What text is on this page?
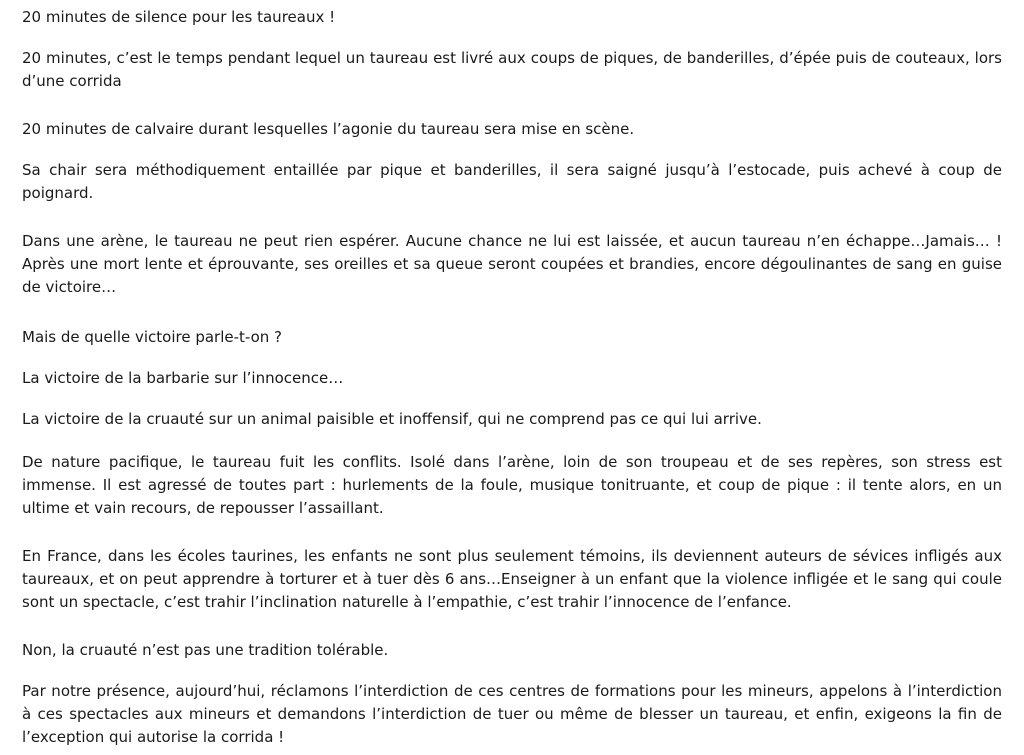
20 minutes de silence pour les taureaux !

20 minutes, c’est le temps pendant lequel un taureau est livré aux coups de piques, de banderilles, d’épée puis de couteaux, lors d’une corrida

20 minutes de calvaire durant lesquelles l’agonie du taureau sera mise en scène.

Sa chair sera méthodiquement entaillée par pique et banderilles, il sera saigné jusqu’à l’estocade, puis achevé à coup de poignard.

Dans une arène, le taureau ne peut rien espérer. Aucune chance ne lui est laissée, et aucun taureau n’en échappe…Jamais… ! Après une mort lente et éprouvante, ses oreilles et sa queue seront coupées et brandies, encore dégoulinantes de sang en guise de victoire…

Mais de quelle victoire parle-t-on ?

La victoire de la barbarie sur l’innocence…

La victoire de la cruauté sur un animal paisible et inoffensif, qui ne comprend pas ce qui lui arrive.

De nature pacifique, le taureau fuit les conflits. Isolé dans l’arène, loin de son troupeau et de ses repères, son stress est immense. Il est agressé de toutes part : hurlements de la foule, musique tonitruante, et coup de pique : il tente alors, en un ultime et vain recours, de repousser l’assaillant.

En France, dans les écoles taurines, les enfants ne sont plus seulement témoins, ils deviennent auteurs de sévices infligés aux taureaux, et on peut apprendre à torturer et à tuer dès 6 ans…Enseigner à un enfant que la violence infligée et le sang qui coule sont un spectacle, c’est trahir l’inclination naturelle à l’empathie, c’est trahir l’innocence de l’enfance.

Non, la cruauté n’est pas une tradition tolérable.

Par notre présence, aujourd’hui, réclamons l’interdiction de ces centres de formations pour les mineurs, appelons à l’interdiction à ces spectacles aux mineurs et demandons l’interdiction de tuer ou même de blesser un taureau, et enfin, exigeons la fin de l’exception qui autorise la corrida !
